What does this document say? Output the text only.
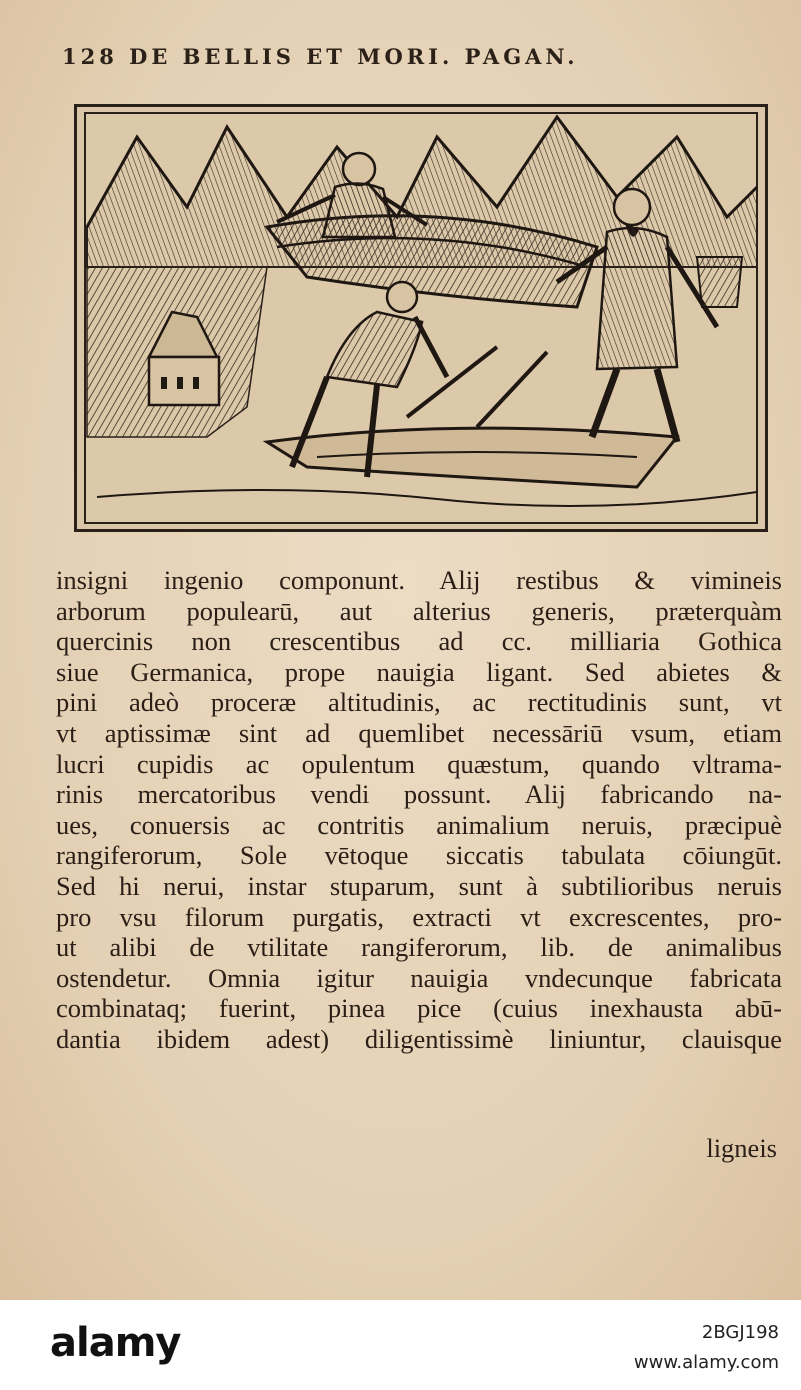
128 DE BELLIS ET MORI. PAGAN.
insigni ingenio componunt. Alij restibus & vimineis
arborum populearū, aut alterius generis, præterquàm
quercinis non crescentibus ad cc. milliaria Gothica
siue Germanica, prope nauigia ligant. Sed abietes &
pini adeò proceræ altitudinis, ac rectitudinis sunt, vt
vt aptissimæ sint ad quemlibet necessāriū vsum, etiam
lucri cupidis ac opulentum quæstum, quando vltrama-
rinis mercatoribus vendi possunt. Alij fabricando na-
ues, conuersis ac contritis animalium neruis, præcipuè
rangiferorum, Sole vētoque siccatis tabulata cōiungūt.
Sed hi nerui, instar stuparum, sunt à subtilioribus neruis
pro vsu filorum purgatis, extracti vt excrescentes, pro-
ut alibi de vtilitate rangiferorum, lib. de animalibus
ostendetur. Omnia igitur nauigia vndecunque fabricata
combinataq; fuerint, pinea pice (cuius inexhausta abū-
dantia ibidem adest) diligentissimè liniuntur, clauisque
ligneis
alamy	2BGJ198
www.alamy.com
